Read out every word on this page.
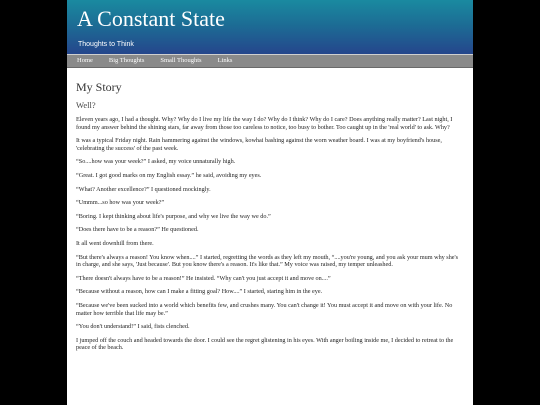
A Constant State
Thoughts to Think
Home	Big Thoughts	Small Thoughts	Links
My Story
Well?

Eleven years ago, I had a thought. Why? Why do I live my life the way I do? Why do I think? Why do I care? Does anything really matter? Last night, I found my answer behind the shining stars, far away from those too careless to notice, too busy to bother. Too caught up in the 'real world' to ask. Why?

It was a typical Friday night. Rain hammering against the windows, kowhai bashing against the worn weather board. I was at my boyfriend's house, 'celebrating the success' of the past week.

“So....how was your week?” I asked, my voice unnaturally high.

“Great. I got good marks on my English essay.” he said, avoiding my eyes.

“What? Another excellence?” I questioned mockingly.

“Ummm...so how was your week?”

“Boring. I kept thinking about life's purpose, and why we live the way we do.”

“Does there have to be a reason?” He questioned.

It all went downhill from there.

“But there's always a reason! You know when....” I started, regretting the words as they left my mouth, “....you're young, and you ask your mum why she's in charge, and she says, 'Just because'. But you know there's a reason. It's like that.” My voice was raised, my temper unleashed.

“There doesn't always have to be a reason!” He insisted. “Why can't you just accept it and move on....”

“Because without a reason, how can I make a fitting goal? How....” I started, staring him in the eye.

“Because we've been sucked into a world which benefits few, and crushes many. You can't change it! You must accept it and move on with your life. No matter how terrible that life may be.”

“You don't understand!” I said, fists clenched.

I jumped off the couch and headed towards the door. I could see the regret glistening in his eyes. With anger boiling inside me, I decided to retreat to the peace of the beach.
